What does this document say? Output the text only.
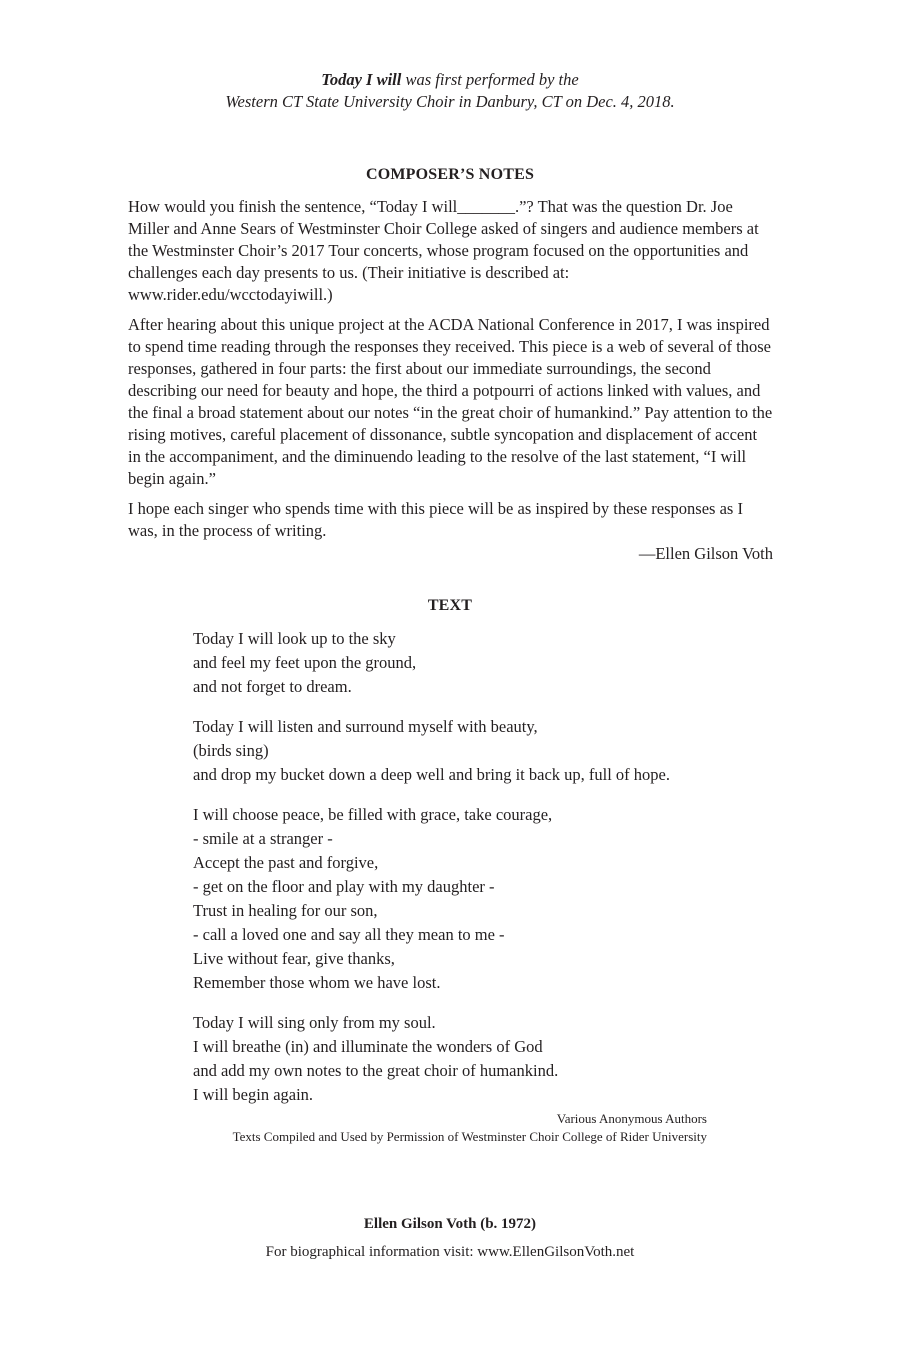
Today I will was first performed by the
Western CT State University Choir in Danbury, CT on Dec. 4, 2018.
COMPOSER’S NOTES

How would you finish the sentence, “Today I will_______.”? That was the question Dr. Joe Miller and Anne Sears of Westminster Choir College asked of singers and audience members at the Westminster Choir’s 2017 Tour concerts, whose program focused on the opportunities and challenges each day presents to us. (Their initiative is described at: www.rider.edu/wcctodayiwill.)

After hearing about this unique project at the ACDA National Conference in 2017, I was inspired to spend time reading through the responses they received. This piece is a web of several of those responses, gathered in four parts: the first about our immediate surroundings, the second describing our need for beauty and hope, the third a potpourri of actions linked with values, and the final a broad statement about our notes “in the great choir of humankind.” Pay attention to the rising motives, careful placement of dissonance, subtle syncopation and displacement of accent in the accompaniment, and the diminuendo leading to the resolve of the last statement, “I will begin again.”

I hope each singer who spends time with this piece will be as inspired by these responses as I was, in the process of writing.

—Ellen Gilson Voth
TEXT
Today I will look up to the sky
and feel my feet upon the ground,
and not forget to dream.
Today I will listen and surround myself with beauty,
(birds sing)
and drop my bucket down a deep well and bring it back up, full of hope.
I will choose peace, be filled with grace, take courage,
- smile at a stranger -
Accept the past and forgive,
- get on the floor and play with my daughter -
Trust in healing for our son,
- call a loved one and say all they mean to me -
Live without fear, give thanks,
Remember those whom we have lost.
Today I will sing only from my soul.
I will breathe (in) and illuminate the wonders of God
and add my own notes to the great choir of humankind.
I will begin again.
Various Anonymous Authors
Texts Compiled and Used by Permission of Westminster Choir College of Rider University
Ellen Gilson Voth (b. 1972)
For biographical information visit: www.EllenGilsonVoth.net
